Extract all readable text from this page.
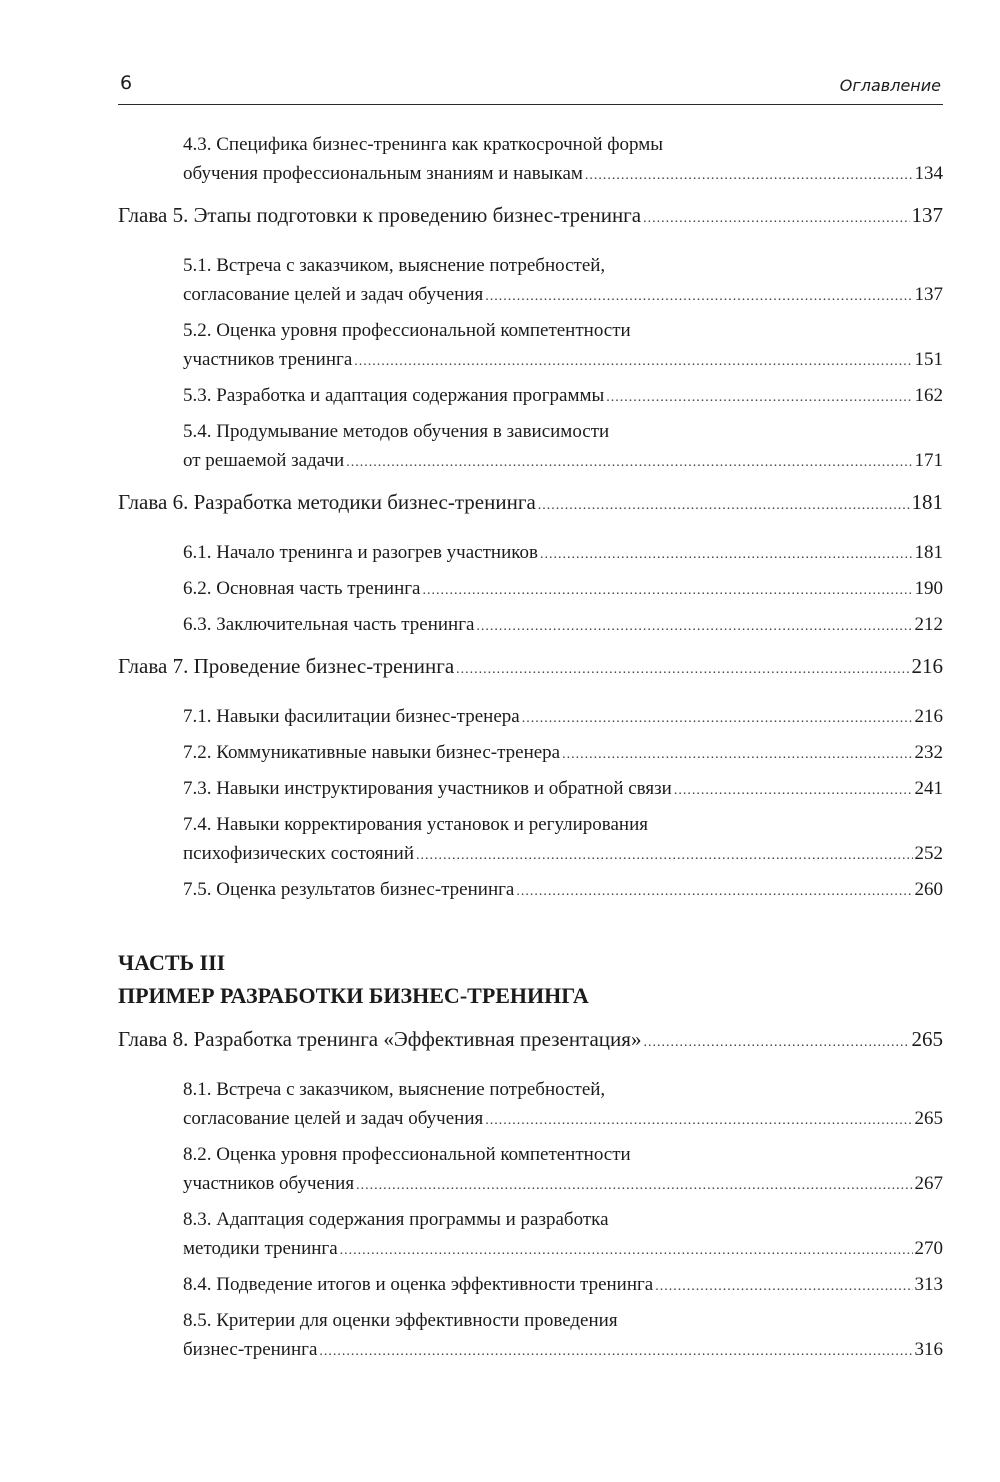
6	Оглавление
4.3. Специфика бизнес-тренинга как краткосрочной формы
обучения профессиональным знаниям и навыкам .....	134
Глава 5. Этапы подготовки к проведению бизнес-тренинга .....	137
5.1. Встреча с заказчиком, выяснение потребностей,
согласование целей и задач обучения .....	137
5.2. Оценка уровня профессиональной компетентности
участников тренинга .....	151
5.3. Разработка и адаптация содержания программы .....	162
5.4. Продумывание методов обучения в зависимости
от решаемой задачи .....	171
Глава 6. Разработка методики бизнес-тренинга .....	181
6.1. Начало тренинга и разогрев участников .....	181
6.2. Основная часть тренинга .....	190
6.3. Заключительная часть тренинга .....	212
Глава 7. Проведение бизнес-тренинга .....	216
7.1. Навыки фасилитации бизнес-тренера .....	216
7.2. Коммуникативные навыки бизнес-тренера .....	232
7.3. Навыки инструктирования участников и обратной связи .....	241
7.4. Навыки корректирования установок и регулирования
психофизических состояний .....	252
7.5. Оценка результатов бизнес-тренинга .....	260
ЧАСТЬ III
ПРИМЕР РАЗРАБОТКИ БИЗНЕС-ТРЕНИНГА
Глава 8. Разработка тренинга «Эффективная презентация» .....	265
8.1. Встреча с заказчиком, выяснение потребностей,
согласование целей и задач обучения .....	265
8.2. Оценка уровня профессиональной компетентности
участников обучения .....	267
8.3. Адаптация содержания программы и разработка
методики тренинга .....	270
8.4. Подведение итогов и оценка эффективности тренинга .....	313
8.5. Критерии для оценки эффективности проведения
бизнес-тренинга .....	316
